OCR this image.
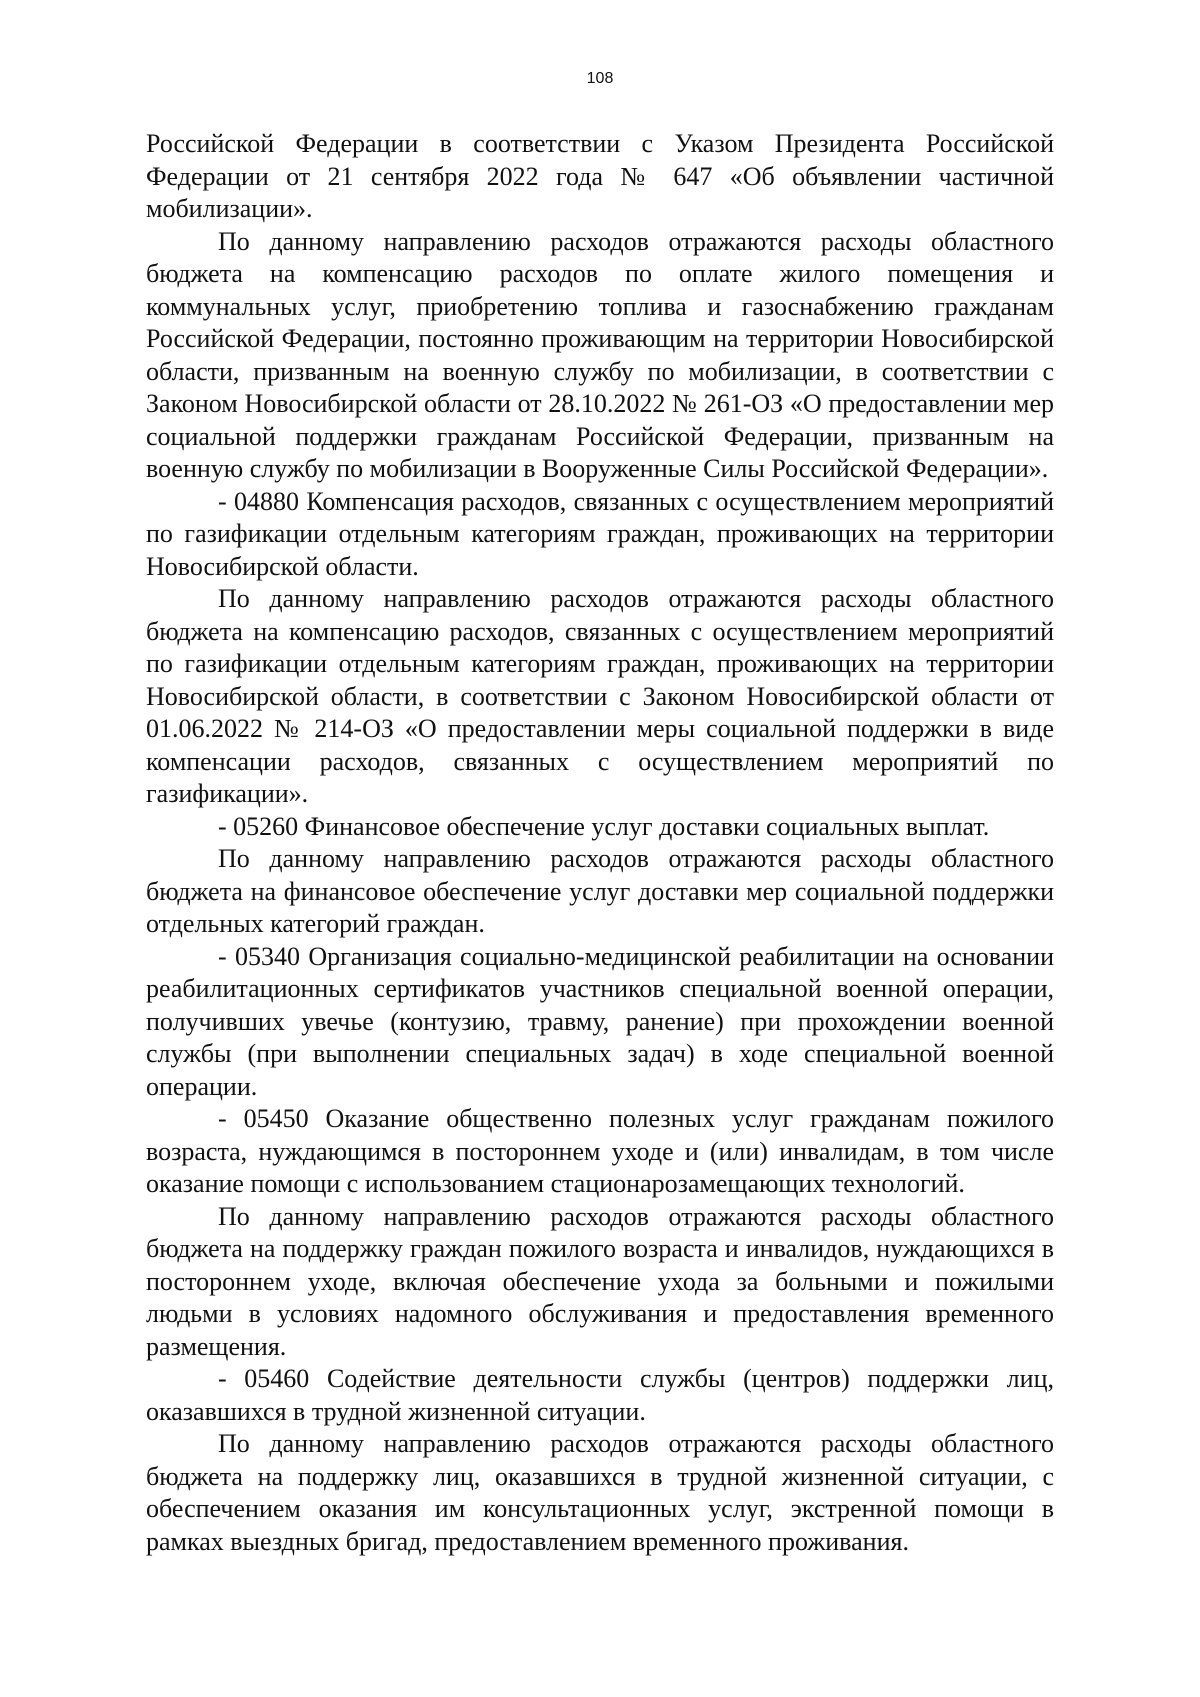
108

Российской Федерации в соответствии с Указом Президента Российской Федерации от 21 сентября 2022 года № 647 «Об объявлении частичной мобилизации».

По данному направлению расходов отражаются расходы областного бюджета на компенсацию расходов по оплате жилого помещения и коммунальных услуг, приобретению топлива и газоснабжению гражданам Российской Федерации, постоянно проживающим на территории Новосибирской области, призванным на военную службу по мобилизации, в соответствии с Законом Новосибирской области от 28.10.2022 № 261-ОЗ «О предоставлении мер социальной поддержки гражданам Российской Федерации, призванным на военную службу по мобилизации в Вооруженные Силы Российской Федерации».

- 04880 Компенсация расходов, связанных с осуществлением мероприятий по газификации отдельным категориям граждан, проживающих на территории Новосибирской области.

По данному направлению расходов отражаются расходы областного бюджета на компенсацию расходов, связанных с осуществлением мероприятий по газификации отдельным категориям граждан, проживающих на территории Новосибирской области, в соответствии с Законом Новосибирской области от 01.06.2022 № 214-ОЗ «О предоставлении меры социальной поддержки в виде компенсации расходов, связанных с осуществлением мероприятий по газификации».

- 05260 Финансовое обеспечение услуг доставки социальных выплат.

По данному направлению расходов отражаются расходы областного бюджета на финансовое обеспечение услуг доставки мер социальной поддержки отдельных категорий граждан.

- 05340 Организация социально-медицинской реабилитации на основании реабилитационных сертификатов участников специальной военной операции, получивших увечье (контузию, травму, ранение) при прохождении военной службы (при выполнении специальных задач) в ходе специальной военной операции.

- 05450 Оказание общественно полезных услуг гражданам пожилого возраста, нуждающимся в постороннем уходе и (или) инвалидам, в том числе оказание помощи с использованием стационарозамещающих технологий.

По данному направлению расходов отражаются расходы областного бюджета на поддержку граждан пожилого возраста и инвалидов, нуждающихся в постороннем уходе, включая обеспечение ухода за больными и пожилыми людьми в условиях надомного обслуживания и предоставления временного размещения.

- 05460 Содействие деятельности службы (центров) поддержки лиц, оказавшихся в трудной жизненной ситуации.

По данному направлению расходов отражаются расходы областного бюджета на поддержку лиц, оказавшихся в трудной жизненной ситуации, с обеспечением оказания им консультационных услуг, экстренной помощи в рамках выездных бригад, предоставлением временного проживания.
